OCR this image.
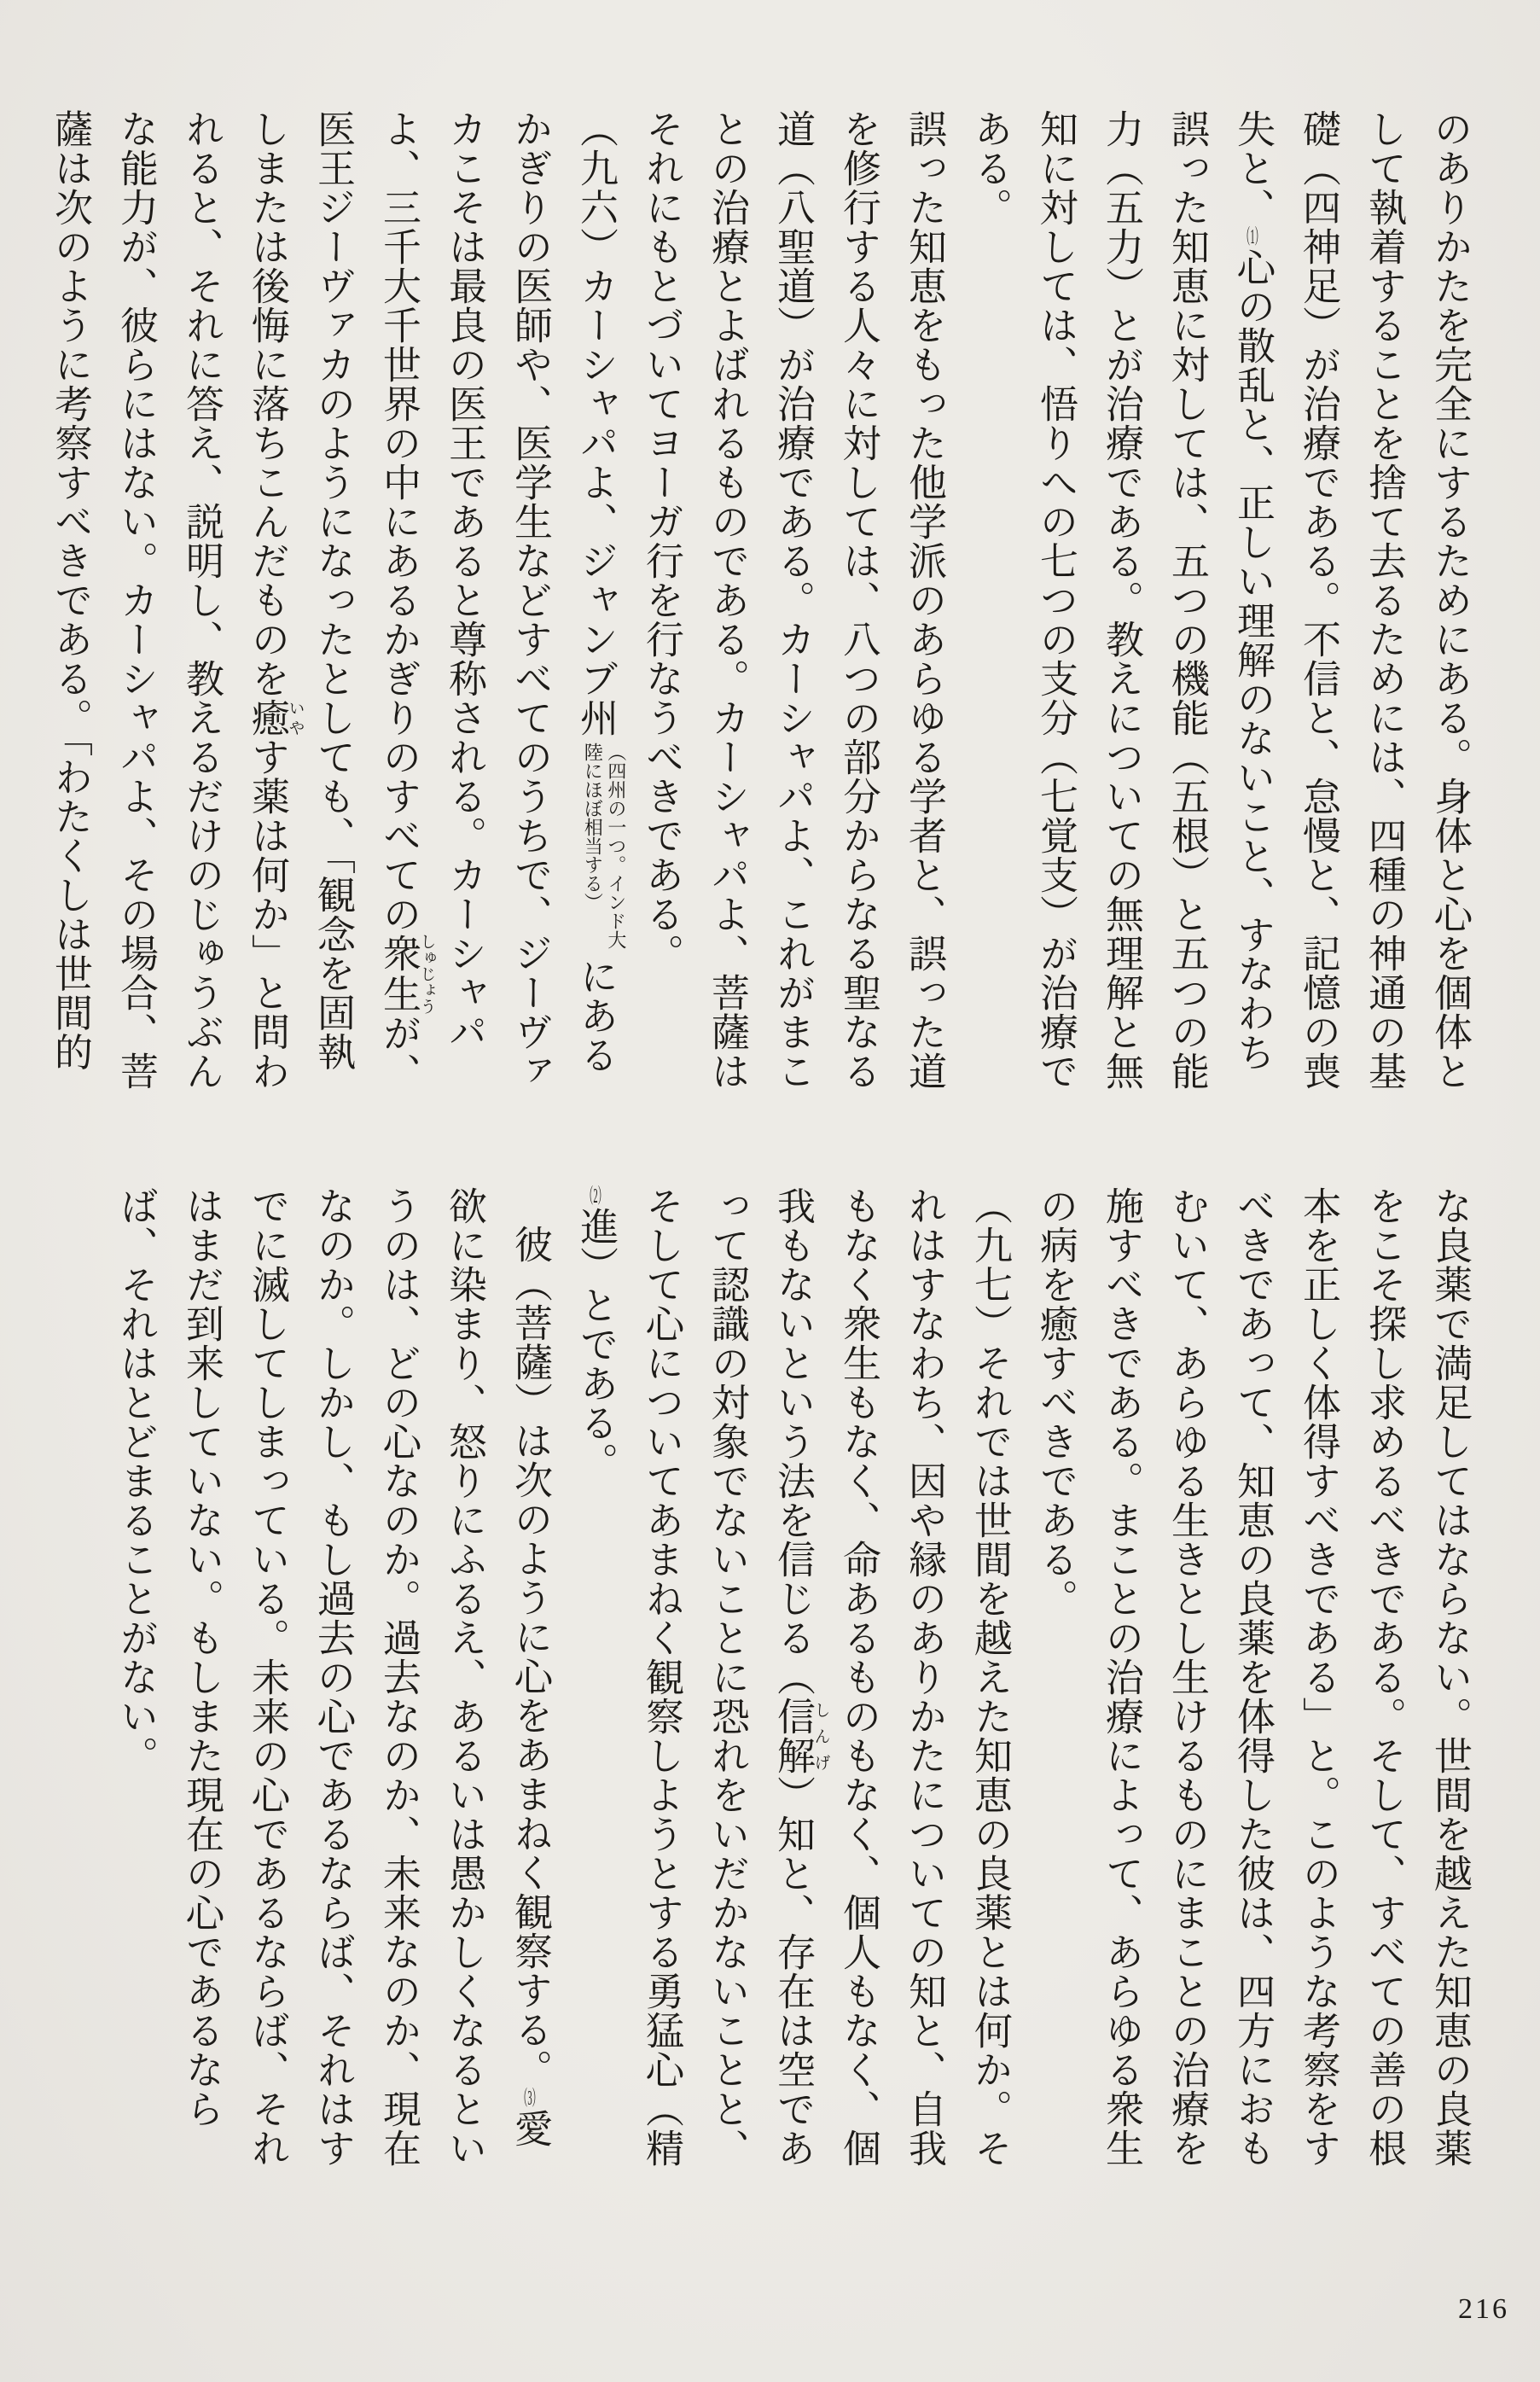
のありかたを完全にするためにある。身体と心を個体として執着することを捨て去るためには、四種の神通の基礎（四神足）が治療である。不信と、怠慢と、記憶の喪失と、（1）心の散乱と、正しい理解のないこと、すなわち誤った知恵に対しては、五つの機能（五根）と五つの能力（五力）とが治療である。教えについての無理解と無知に対しては、悟りへの七つの支分（七覚支）が治療である。

誤った知恵をもった他学派のあらゆる学者と、誤った道を修行する人々に対しては、八つの部分からなる聖なる道（八聖道）が治療である。カーシャパよ、これがまことの治療とよばれるものである。カーシャパよ、菩薩はそれにもとづいてヨーガ行を行なうべきである。

（九六）カーシャパよ、ジャンブ州（四州の一つ。インド大陸にほぼ相当する）にあるかぎりの医師や、医学生などすべてのうちで、ジーヴァカこそは最良の医王であると尊称される。カーシャパよ、三千大千世界の中にあるかぎりのすべての衆生しゅじょうが、医王ジーヴァカのようになったとしても、「観念を固執しまたは後悔に落ちこんだものを癒いやす薬は何か」と問われると、それに答え、説明し、教えるだけのじゅうぶんな能力が、彼らにはない。カーシャパよ、その場合、菩薩は次のように考察すべきである。「わたくしは世間的

な良薬で満足してはならない。世間を越えた知恵の良薬をこそ探し求めるべきである。そして、すべての善の根本を正しく体得すべきである」と。このような考察をすべきであって、知恵の良薬を体得した彼は、四方におもむいて、あらゆる生きとし生けるものにまことの治療を施すべきである。まことの治療によって、あらゆる衆生の病を癒すべきである。

（九七）それでは世間を越えた知恵の良薬とは何か。それはすなわち、因や縁のありかたについての知と、自我もなく衆生もなく、命あるものもなく、個人もなく、個我もないという法を信じる（信解しんげ）知と、存在は空であって認識の対象でないことに恐れをいだかないことと、そして心についてあまねく観察しようとする勇猛心（精（2）進）とである。

彼（菩薩）は次のように心をあまねく観察する。（3）愛欲に染まり、怒りにふるえ、あるいは愚かしくなるというのは、どの心なのか。過去なのか、未来なのか、現在なのか。しかし、もし過去の心であるならば、それはすでに滅してしまっている。未来の心であるならば、それはまだ到来していない。もしまた現在の心であるならば、それはとどまることがない。

216
